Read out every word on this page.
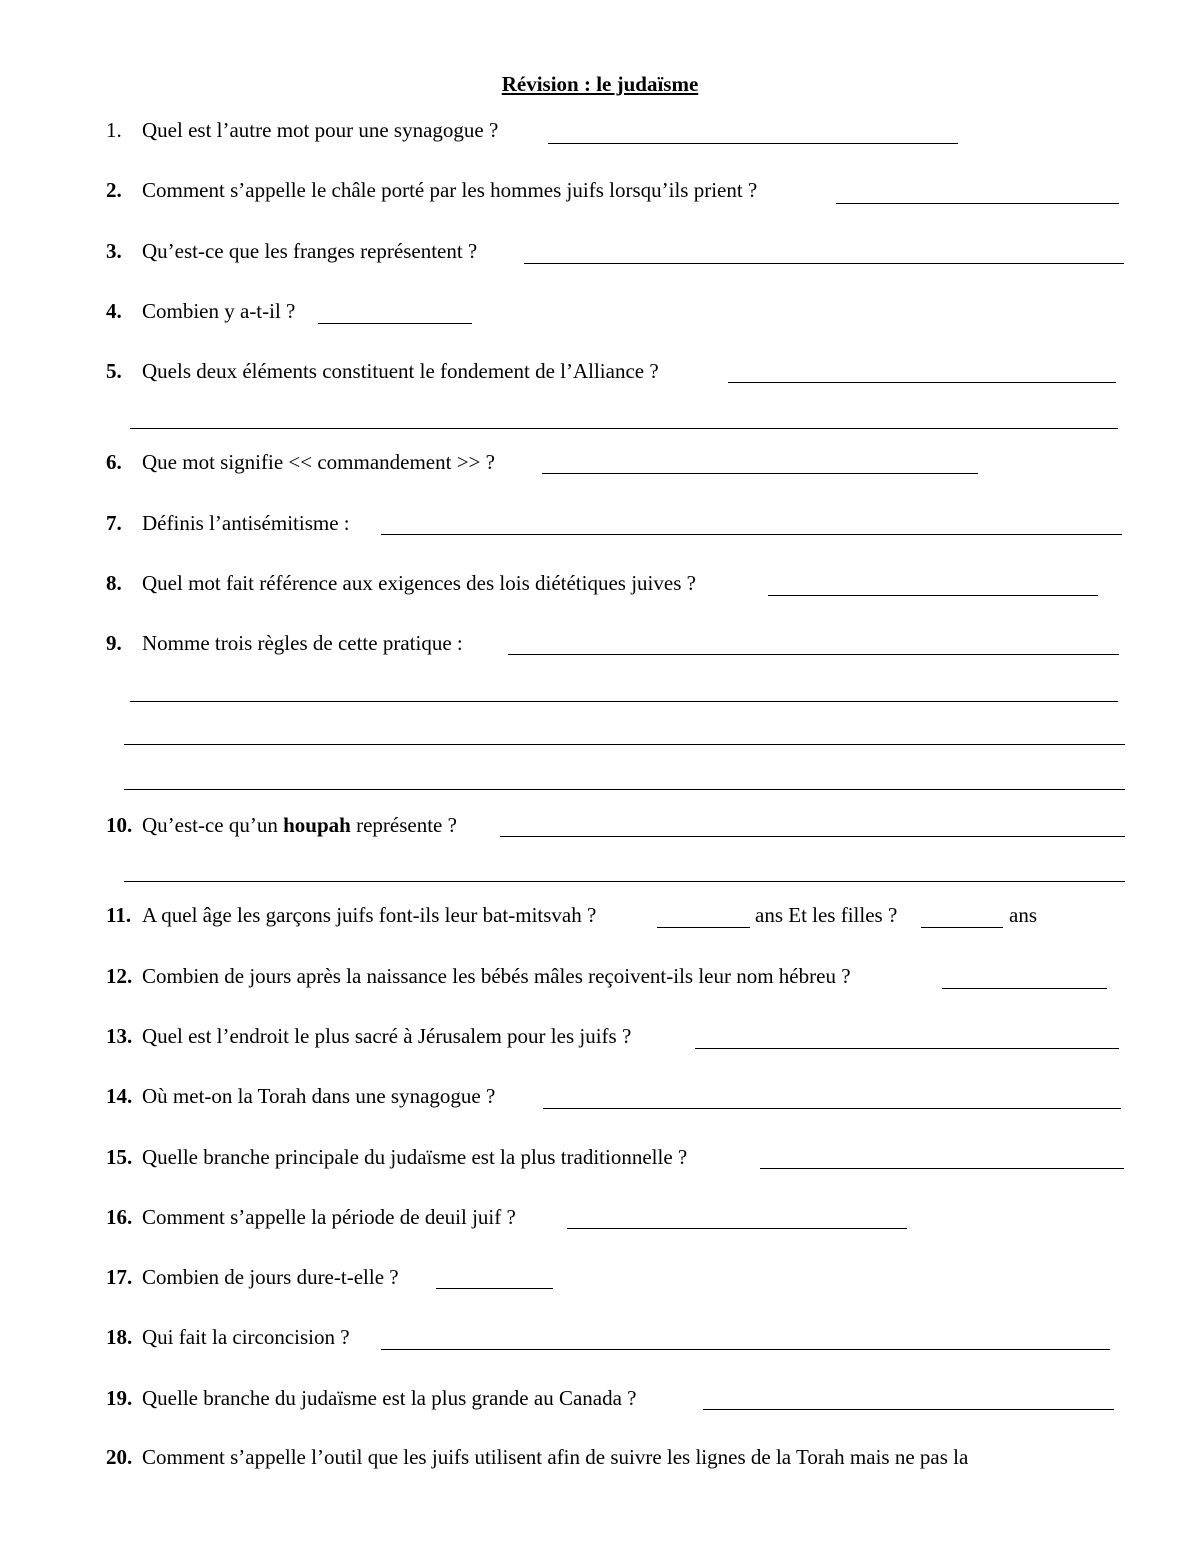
Révision : le judaïsme
1. Quel est l’autre mot pour une synagogue ?
2. Comment s’appelle le châle porté par les hommes juifs lorsqu’ils prient ?
3. Qu’est-ce que les franges représentent ?
4. Combien y a-t-il ?
5. Quels deux éléments constituent le fondement de l’Alliance ?
6. Que mot signifie << commandement >> ?
7. Définis l’antisémitisme :
8. Quel mot fait référence aux exigences des lois diététiques juives ?
9. Nomme trois règles de cette pratique :
10. Qu’est-ce qu’un houpah représente ?
11. A quel âge les garçons juifs font-ils leur bat-mitsvah ?	ans Et les filles ?	ans
12. Combien de jours après la naissance les bébés mâles reçoivent-ils leur nom hébreu ?
13. Quel est l’endroit le plus sacré à Jérusalem pour les juifs ?
14. Où met-on la Torah dans une synagogue ?
15. Quelle branche principale du judaïsme est la plus traditionnelle ?
16. Comment s’appelle la période de deuil juif ?
17. Combien de jours dure-t-elle ?
18. Qui fait la circoncision ?
19. Quelle branche du judaïsme est la plus grande au Canada ?
20. Comment s’appelle l’outil que les juifs utilisent afin de suivre les lignes de la Torah mais ne pas la
